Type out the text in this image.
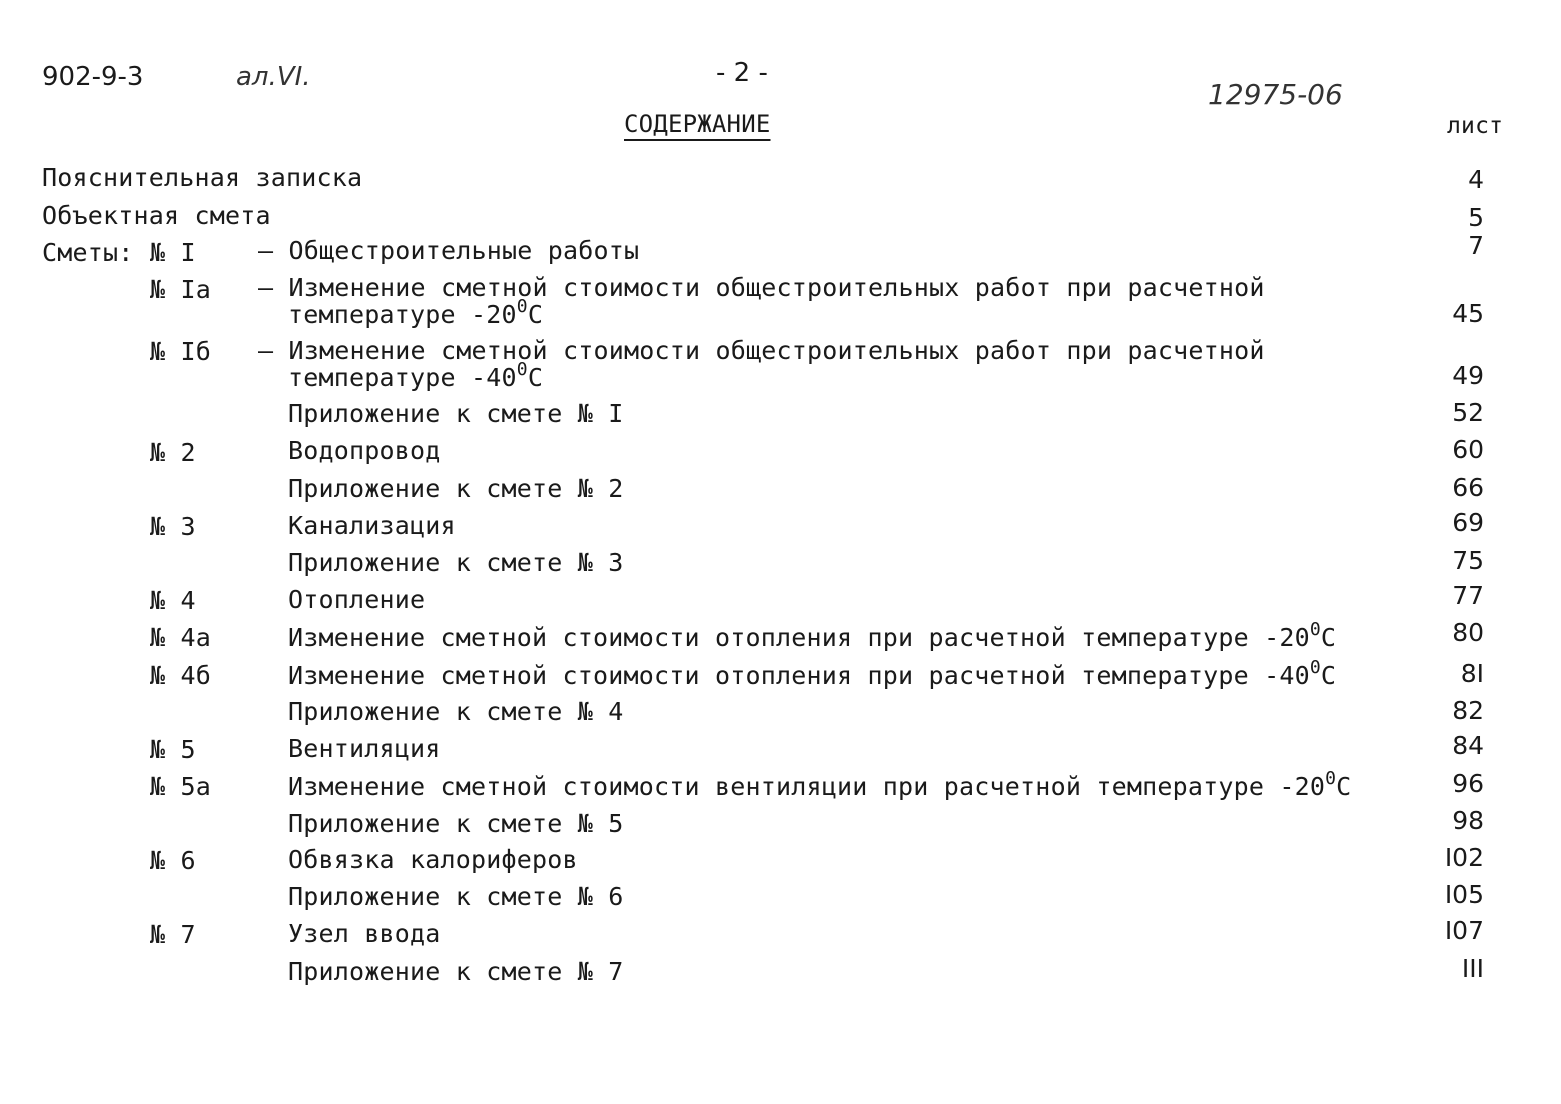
902-9-3	ал.VI.	- 2 -
12975-06
СОДЕРЖАНИЕ	лист
Пояснительная записка	4
Объектная смета	5
Сметы: № I – Общестроительные работы	7
№ Iа – Изменение сметной стоимости общестроительных работ при расчетной
температуре $-20^0С$	45
№ Iб – Изменение сметной стоимости общестроительных работ при расчетной
температуре $-40^0С$	49
Приложение к смете № I	52
№ 2	Водопровод	60
Приложение к смете № 2	66
№ 3	Канализация	69
Приложение к смете № 3	75
№ 4	Отопление	77
№ 4а	Изменение сметной стоимости отопления при расчетной температуре $-20^0С$	80
№ 4б	Изменение сметной стоимости отопления при расчетной температуре $-40^0С$	8I
Приложение к смете № 4	82
№ 5	Вентиляция	84
№ 5а	Изменение сметной стоимости вентиляции при расчетной температуре $-20^0С$	96
Приложение к смете № 5	98
№ 6	Обвязка калориферов	I02
Приложение к смете № 6	I05
№ 7	Узел ввода	I07
Приложение к смете № 7	III
